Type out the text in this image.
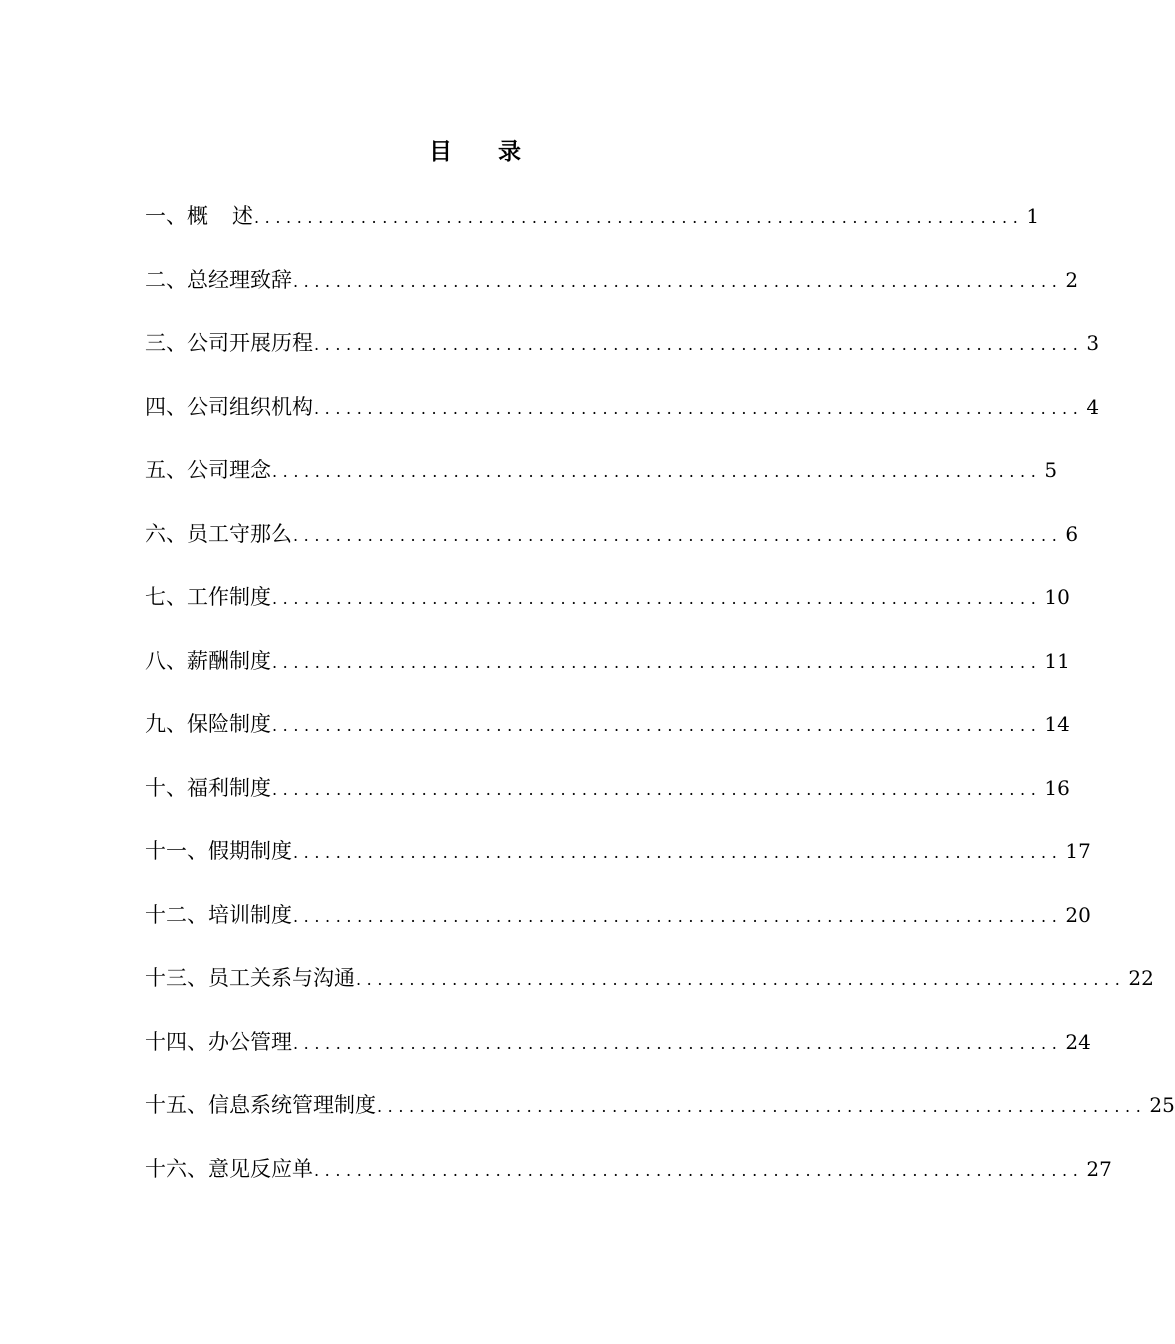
目 录
一、概 述 ........................................................................ 1
二、总经理致辞 ........................................................................ 2
三、公司开展历程 ........................................................................ 3
四、公司组织机构 ........................................................................ 4
五、公司理念 ........................................................................ 5
六、员工守那么 ........................................................................ 6
七、工作制度 ........................................................................ 10
八、薪酬制度 ........................................................................ 11
九、保险制度 ........................................................................ 14
十、福利制度 ........................................................................ 16
十一、假期制度 ........................................................................ 17
十二、培训制度 ........................................................................ 20
十三、员工关系与沟通 ........................................................................ 22
十四、办公管理 ........................................................................ 24
十五、信息系统管理制度 ........................................................................ 25
十六、意见反应单 ........................................................................ 27
